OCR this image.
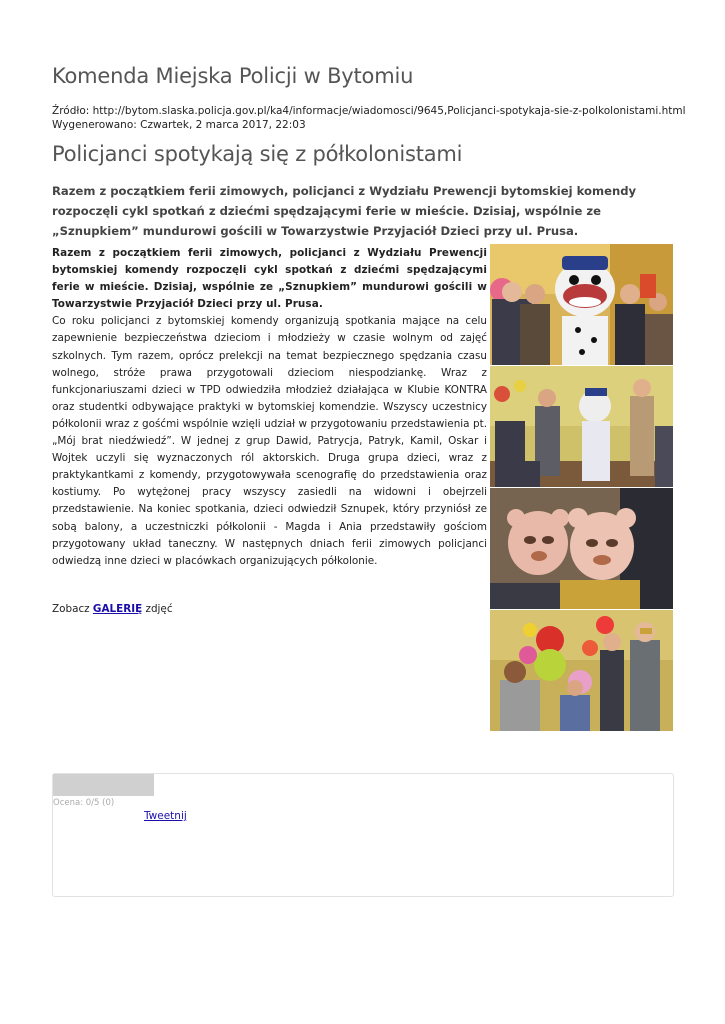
Komenda Miejska Policji w Bytomiu
Źródło: http://bytom.slaska.policja.gov.pl/ka4/informacje/wiadomosci/9645,Policjanci-spotykaja-sie-z-polkolonistami.html
Wygenerowano: Czwartek, 2 marca 2017, 22:03
Policjanci spotykają się z półkolonistami

Razem z początkiem ferii zimowych, policjanci z Wydziału Prewencji bytomskiej komendy rozpoczęli cykl spotkań z dziećmi spędzającymi ferie w mieście. Dzisiaj, wspólnie ze „Sznupkiem” mundurowi gościli w Towarzystwie Przyjaciół Dzieci przy ul. Prusa.

Razem z początkiem ferii zimowych, policjanci z Wydziału Prewencji bytomskiej komendy rozpoczęli cykl spotkań z dziećmi spędzającymi ferie w mieście. Dzisiaj, wspólnie ze „Sznupkiem” mundurowi gościli w Towarzystwie Przyjaciół Dzieci przy ul. Prusa.

Co roku policjanci z bytomskiej komendy organizują spotkania mające na celu zapewnienie bezpieczeństwa dzieciom i młodzieży w czasie wolnym od zajęć szkolnych. Tym razem, oprócz prelekcji na temat bezpiecznego spędzania czasu wolnego, stróże prawa przygotowali dzieciom niespodziankę. Wraz z funkcjonariuszami dzieci w TPD odwiedziła młodzież działająca w Klubie KONTRA oraz studentki odbywające praktyki w bytomskiej komendzie. Wszyscy uczestnicy półkolonii wraz z gośćmi wspólnie wzięli udział w przygotowaniu przedstawienia pt. „Mój brat niedźwiedź”. W jednej z grup Dawid, Patrycja, Patryk, Kamil, Oskar i Wojtek uczyli się wyznaczonych ról aktorskich. Druga grupa dzieci, wraz z praktykantkami z komendy, przygotowywała scenografię do przedstawienia oraz kostiumy. Po wytężonej pracy wszyscy zasiedli na widowni i obejrzeli przedstawienie. Na koniec spotkania, dzieci odwiedził Sznupek, który przyniósł ze sobą balony, a uczestniczki półkolonii - Magda i Ania przedstawiły gościom przygotowany układ taneczny. W następnych dniach ferii zimowych policjanci odwiedzą inne dzieci w placówkach organizujących półkolonie.

Zobacz GALERIĘ zdjęć
Ocena: 0/5 (0)
Tweetnij
